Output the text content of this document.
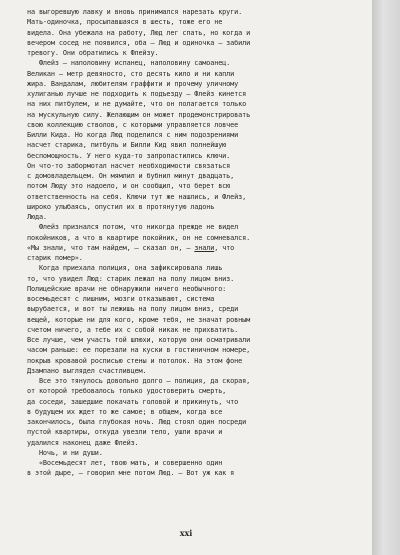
на выгоревшую лавку и вновь принимался нарезать круги.
Мать-одиночка, просыпавшаяся в шесть, тоже его не
видела. Она убежала на работу, Люд лег спать, но когда и
вечером сосед не появился, оба – Люд и одиночка – забили
тревогу. Они обратились к Флейзу.
Флейз – наполовину испанец, наполовину самоанец.
Великан – метр девяносто, сто десять кило и ни капли
жира. Вандалам, любителям граффити и прочему уличному
хулиганью лучше не подходить к подъезду – Флейз кинется
на них питбулем, и не думайте, что он полагается только
на мускульную силу. Желающим он может продемонстрировать
свою коллекцию стволов, с которыми управляется ловчее
Билли Кида. Но когда Люд поделился с ним подозрениями
насчет старика, питбуль и Билли Кид явил полнейшую
беспомощность. У него куда-то запропастились ключи.
Он что-то забормотал насчет необходимости связаться
с домовладельцем. Он мямлил и бубнил минут двадцать,
потом Люду это надоело, и он сообщил, что берет всю
ответственность на себя. Ключи тут же нашлись, и Флейз,
широко улыбаясь, опустил их в протянутую ладонь
Люда.
Флейз признался потом, что никогда прежде не видел
покойников, а что в квартире покойник, он не сомневался.
«Мы знали, что там найдем, – сказал он, – знали, что
старик помер».
Когда приехала полиция, она зафиксировала лишь
то, что увидел Люд: старик лежал на полу лицом вниз.
Полицейские врачи не обнаружили ничего необычного:
восемьдесят с лишним, мозги отказывают, система
вырубается, и вот ты лежишь на полу лицом вниз, среди
вещей, которые ни для кого, кроме тебя, не значат ровным
счетом ничего, а тебе их с собой никак не прихватить.
Все лучше, чем участь той шлюхи, которую они осматривали
часом раньше: ее порезали на куски в гостиничном номере,
покрыв кровавой росписью стены и потолок. На этом фоне
Дзампано выглядел счастливцем.
Все это тянулось довольно долго – полиция, да скорая,
от которой требовалось только удостоверить смерть,
да соседи, зашедшие покачать головой и прикинуть, что
в будущем их ждет то же самое; в общем, когда все
закончилось, была глубокая ночь. Люд стоял один посреди
пустой квартиры, откуда увезли тело, ушли врачи и
удалился наконец даже Флейз.
Ночь, и ни души.
«Восемьдесят лет, твою мать, и совершенно один
в этой дыре, – говорил мне потом Люд. – Вот уж как я
xxi
